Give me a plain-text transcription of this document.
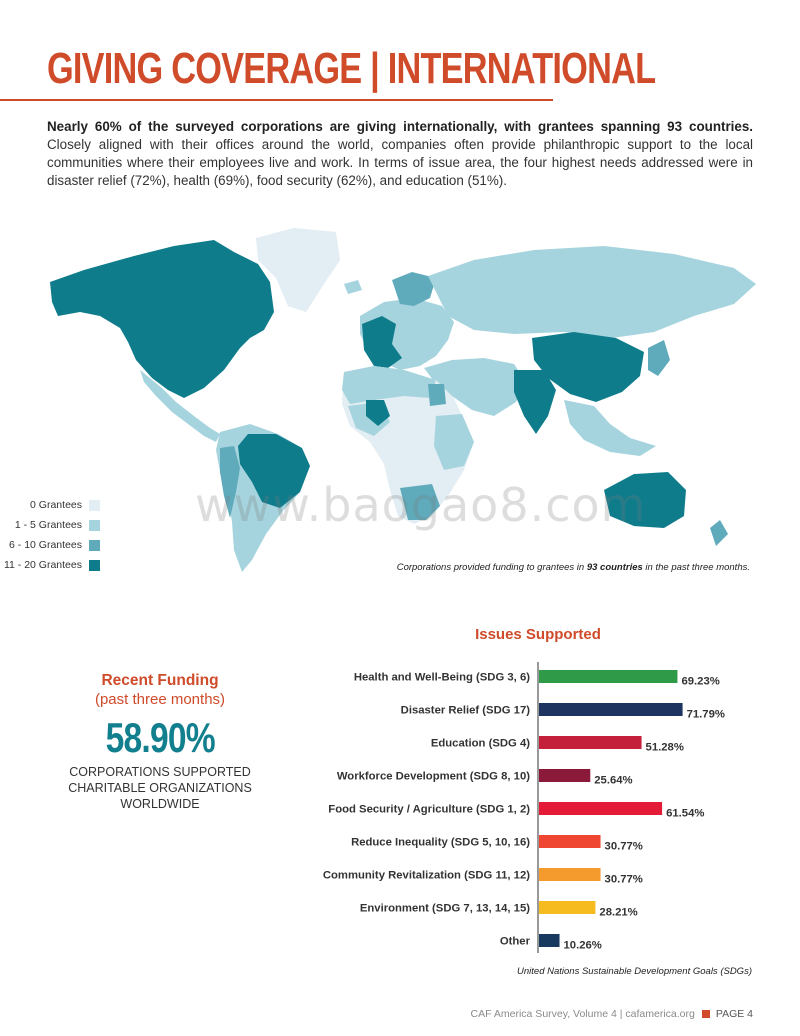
GIVING COVERAGE | INTERNATIONAL

Nearly 60% of the surveyed corporations are giving internationally, with grantees spanning 93 countries. Closely aligned with their offices around the world, companies often provide philanthropic support to the local communities where their employees live and work. In terms of issue area, the four highest needs addressed were in disaster relief (72%), health (69%), food security (62%), and education (51%).

www.baogao8.com
0 Grantees
1 - 5 Grantees
6 - 10 Grantees
11 - 20 Grantees	Corporations provided funding to grantees in 93 countries in the past three months.
Recent Funding
(past three months)
58.90%
CORPORATIONS SUPPORTED
CHARITABLE ORGANIZATIONS
WORLDWIDE
Issues Supported
Health and Well-Being (SDG 3, 6)	69.23%
Disaster Relief (SDG 17)	71.79%
Education (SDG 4)	51.28%
Workforce Development (SDG 8, 10)	25.64%
Food Security / Agriculture (SDG 1, 2)	61.54%
Reduce Inequality (SDG 5, 10, 16)	30.77%
Community Revitalization (SDG 11, 12)	30.77%
Environment (SDG 7, 13, 14, 15)	28.21%
Other	10.26%
United Nations Sustainable Development Goals (SDGs)
CAF America Survey, Volume 4 | cafamerica.org PAGE 4
